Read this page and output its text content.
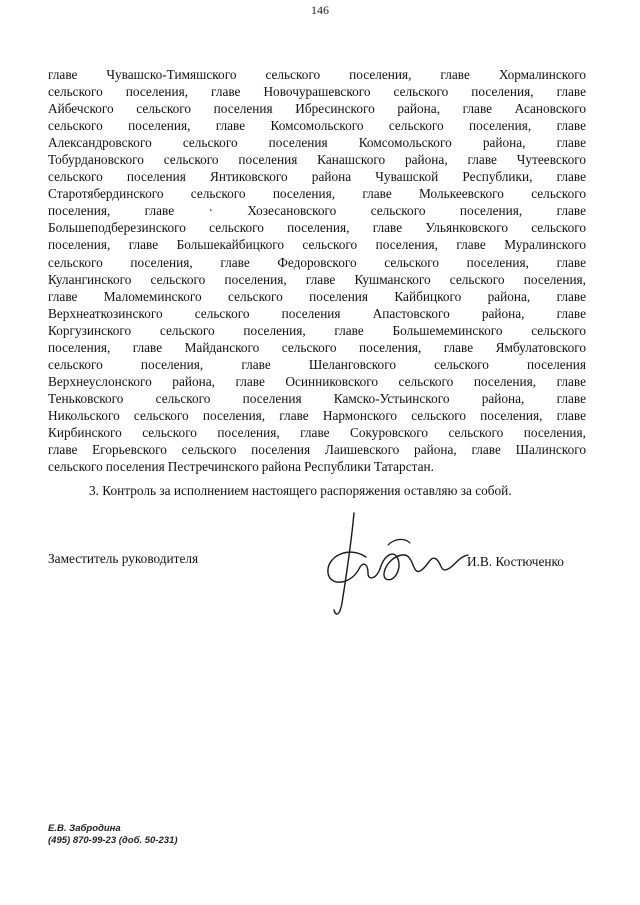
146
главе Чувашско-Тимяшского сельского поселения, главе Хормалинского
сельского поселения, главе Новочурашевского сельского поселения, главе
Айбечского сельского поселения Ибресинского района, главе Асановского
сельского поселения, главе Комсомольского сельского поселения, главе
Александровского сельского поселения Комсомольского района, главе
Тобурдановского сельского поселения Канашского района, главе Чутеевского
сельского поселения Янтиковского района Чувашской Республики, главе
Старотябердинского сельского поселения, главе Молькеевского сельского
поселения, главе · Хозесановского сельского поселения, главе
Большеподберезинского сельского поселения, главе Ульянковского сельского
поселения, главе Большекайбицкого сельского поселения, главе Муралинского
сельского поселения, главе Федоровского сельского поселения, главе
Кулангинского сельского поселения, главе Кушманского сельского поселения,
главе Маломеминского сельского поселения Кайбицкого района, главе
Верхнеаткозинского сельского поселения Апастовского района, главе
Коргузинского сельского поселения, главе Большемеминского сельского
поселения, главе Майданского сельского поселения, главе Ямбулатовского
сельского поселения, главе Шеланговского сельского поселения
Верхнеуслонского района, главе Осинниковского сельского поселения, главе
Теньковского сельского поселения Камско-Устьинского района, главе
Никольского сельского поселения, главе Нармонского сельского поселения, главе
Кирбинского сельского поселения, главе Сокуровского сельского поселения,
главе Егорьевского сельского поселения Лаишевского района, главе Шалинского
сельского поселения Пестречинского района Республики Татарстан.
3. Контроль за исполнением настоящего распоряжения оставляю за собой.
Заместитель руководителя	И.В. Костюченко
Е.В. Забродина
(495) 870-99-23 (доб. 50-231)
